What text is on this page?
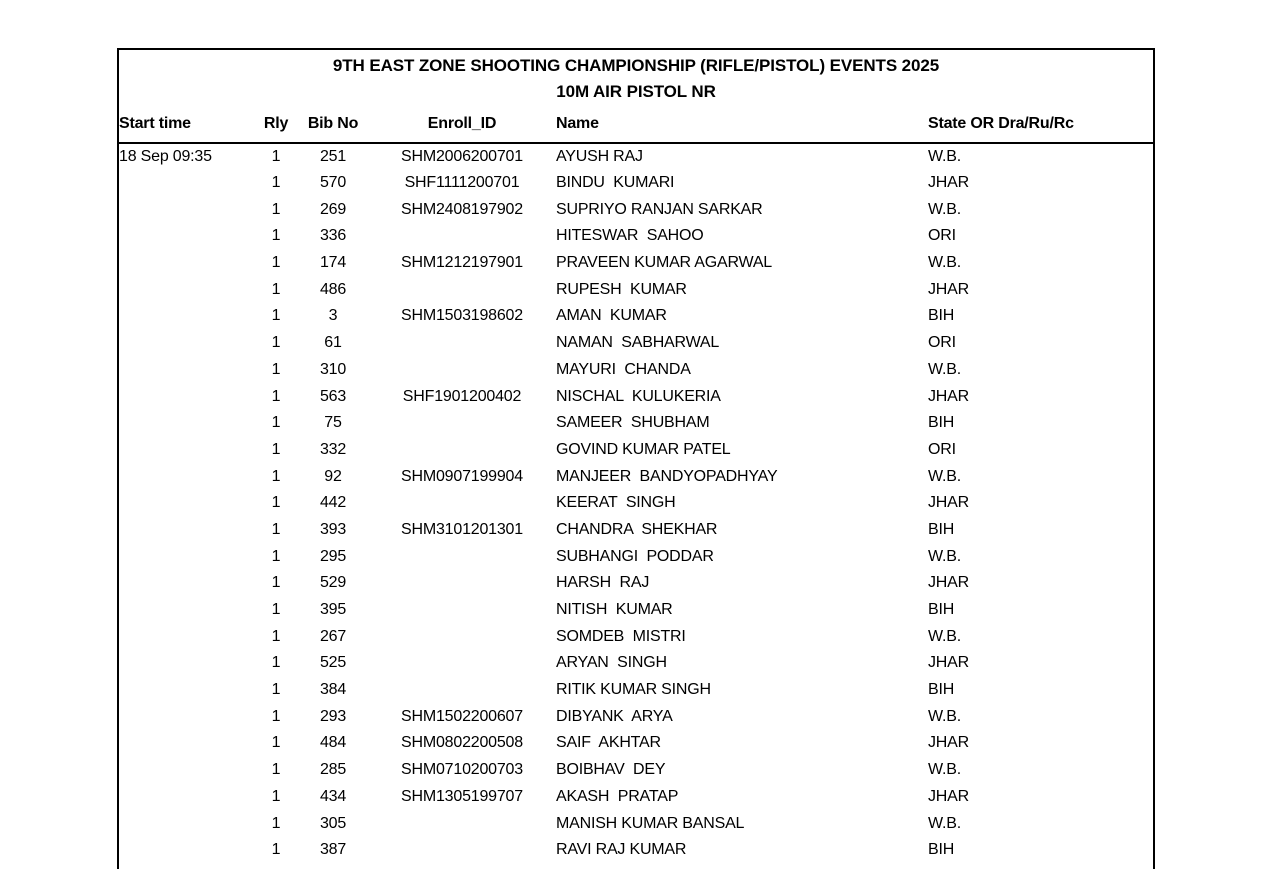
9TH EAST ZONE SHOOTING CHAMPIONSHIP (RIFLE/PISTOL) EVENTS 2025
10M AIR PISTOL NR
Start time	Rly	Bib No	Enroll_ID	Name	State OR Dra/Ru/Rc
18 Sep 09:35	1	251	SHM2006200701	AYUSH RAJ	W.B.
	1	570	SHF1111200701	BINDU  KUMARI	JHAR
	1	269	SHM2408197902	SUPRIYO RANJAN SARKAR	W.B.
	1	336		HITESWAR  SAHOO	ORI
	1	174	SHM1212197901	PRAVEEN KUMAR AGARWAL	W.B.
	1	486		RUPESH  KUMAR	JHAR
	1	3	SHM1503198602	AMAN  KUMAR	BIH
	1	61		NAMAN  SABHARWAL	ORI
	1	310		MAYURI  CHANDA	W.B.
	1	563	SHF1901200402	NISCHAL  KULUKERIA	JHAR
	1	75		SAMEER  SHUBHAM	BIH
	1	332		GOVIND KUMAR PATEL	ORI
	1	92	SHM0907199904	MANJEER  BANDYOPADHYAY	W.B.
	1	442		KEERAT  SINGH	JHAR
	1	393	SHM3101201301	CHANDRA  SHEKHAR	BIH
	1	295		SUBHANGI  PODDAR	W.B.
	1	529		HARSH  RAJ	JHAR
	1	395		NITISH  KUMAR	BIH
	1	267		SOMDEB  MISTRI	W.B.
	1	525		ARYAN  SINGH	JHAR
	1	384		RITIK KUMAR SINGH	BIH
	1	293	SHM1502200607	DIBYANK  ARYA	W.B.
	1	484	SHM0802200508	SAIF  AKHTAR	JHAR
	1	285	SHM0710200703	BOIBHAV  DEY	W.B.
	1	434	SHM1305199707	AKASH  PRATAP	JHAR
	1	305		MANISH KUMAR BANSAL	W.B.
	1	387		RAVI RAJ KUMAR	BIH
